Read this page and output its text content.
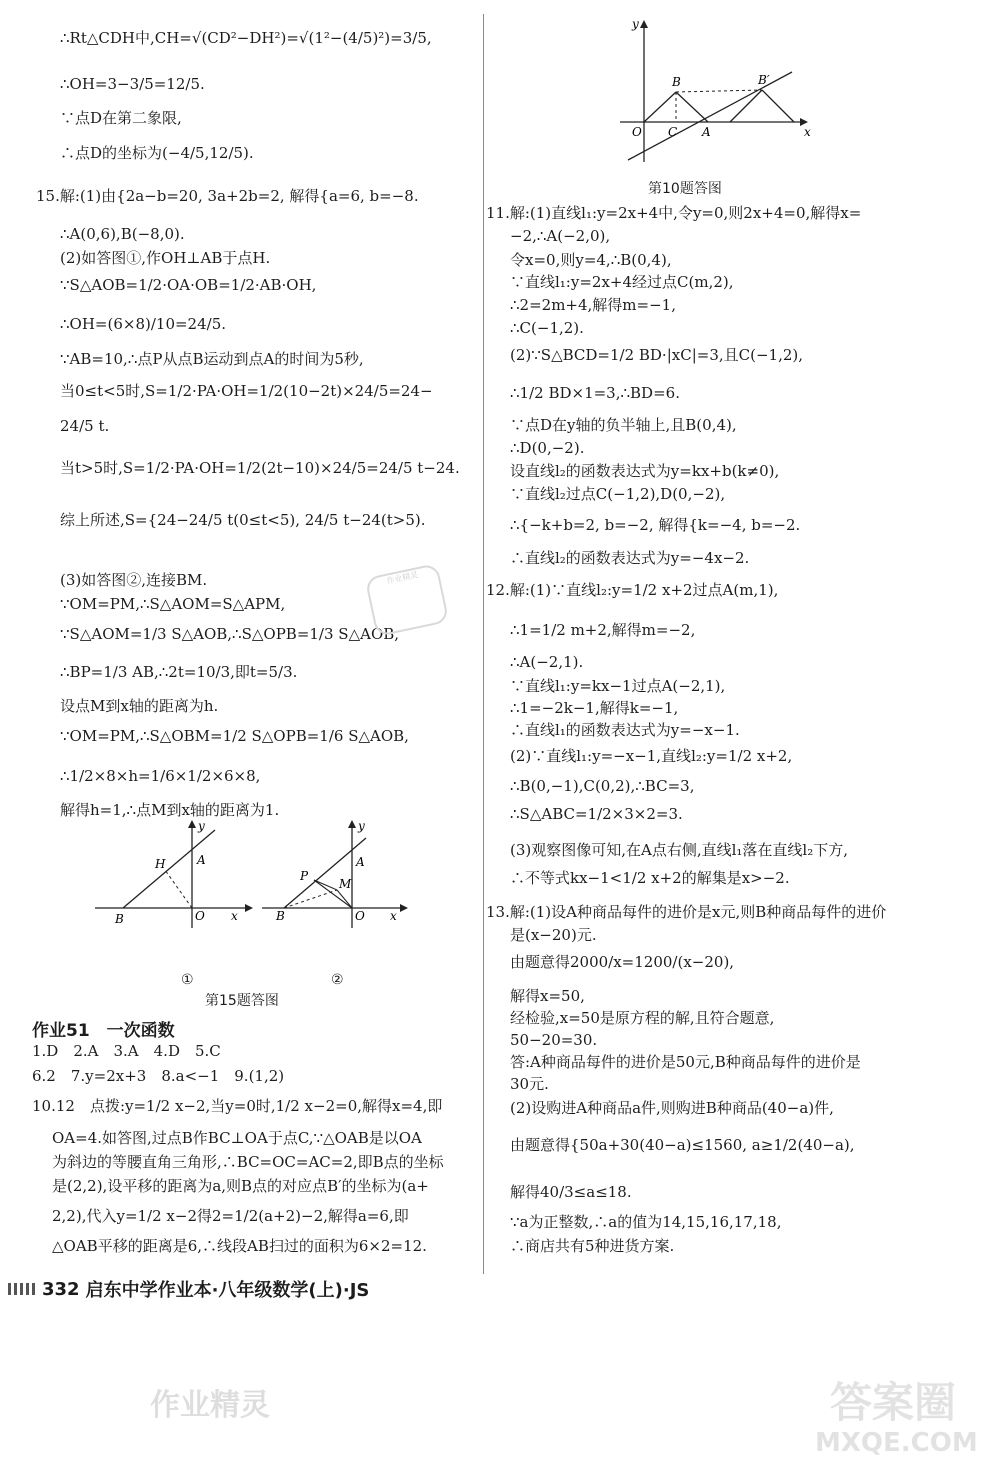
∴Rt△CDH中,CH=√(CD²−DH²)=√(1²−(4/5)²)=3/5,
∴OH=3−3/5=12/5.
∵点D在第二象限,
∴点D的坐标为(−4/5,12/5).
15.解:(1)由{2a−b=20, 3a+2b=2, 解得{a=6, b=−8.
∴A(0,6),B(−8,0).
(2)如答图①,作OH⊥AB于点H.
∵S△AOB=1/2·OA·OB=1/2·AB·OH,
∴OH=(6×8)/10=24/5.
∵AB=10,∴点P从点B运动到点A的时间为5秒,
当0≤t<5时,S=1/2·PA·OH=1/2(10−2t)×24/5=24−
24/5 t.
当t>5时,S=1/2·PA·OH=1/2(2t−10)×24/5=24/5 t−24.
综上所述,S={24−24/5 t(0≤t<5), 24/5 t−24(t>5).
(3)如答图②,连接BM.
∵OM=PM,∴S△AOM=S△APM,
∵S△AOM=1/3 S△AOB,∴S△OPB=1/3 S△AOB,
∴BP=1/3 AB,∴2t=10/3,即t=5/3.
设点M到x轴的距离为h.
∵OM=PM,∴S△OBM=1/2 S△OPB=1/6 S△AOB,
∴1/2×8×h=1/6×1/2×6×8,
解得h=1,∴点M到x轴的距离为1.
x
y
H	A
B	O	x
y
P
A
M
B	O
①	②
第15题答图
作业51　一次函数
1.D　2.A　3.A　4.D　5.C
6.2　7.y=2x+3　8.a<−1　9.(1,2)
10.12　点拨:y=1/2 x−2,当y=0时,1/2 x−2=0,解得x=4,即
OA=4.如答图,过点B作BC⊥OA于点C,∵△OAB是以OA
为斜边的等腰直角三角形,∴BC=OC=AC=2,即B点的坐标
是(2,2),设平移的距离为a,则B点的对应点B′的坐标为(a+
2,2),代入y=1/2 x−2得2=1/2(a+2)−2,解得a=6,即
△OAB平移的距离是6,∴线段AB扫过的面积为6×2=12.
作业精灵
x
y
B	B′
O C A
第10题答图
11.解:(1)直线l₁:y=2x+4中,令y=0,则2x+4=0,解得x=
−2,∴A(−2,0),
令x=0,则y=4,∴B(0,4),
∵直线l₁:y=2x+4经过点C(m,2),
∴2=2m+4,解得m=−1,
∴C(−1,2).
(2)∵S△BCD=1/2 BD·|xC|=3,且C(−1,2),
∴1/2 BD×1=3,∴BD=6.
∵点D在y轴的负半轴上,且B(0,4),
∴D(0,−2).
设直线l₂的函数表达式为y=kx+b(k≠0),
∵直线l₂过点C(−1,2),D(0,−2),
∴{−k+b=2, b=−2, 解得{k=−4, b=−2.
∴直线l₂的函数表达式为y=−4x−2.
12.解:(1)∵直线l₂:y=1/2 x+2过点A(m,1),
∴1=1/2 m+2,解得m=−2,
∴A(−2,1).
∵直线l₁:y=kx−1过点A(−2,1),
∴1=−2k−1,解得k=−1,
∴直线l₁的函数表达式为y=−x−1.
(2)∵直线l₁:y=−x−1,直线l₂:y=1/2 x+2,
∴B(0,−1),C(0,2),∴BC=3,
∴S△ABC=1/2×3×2=3.
(3)观察图像可知,在A点右侧,直线l₁落在直线l₂下方,
∴不等式kx−1<1/2 x+2的解集是x>−2.
13.解:(1)设A种商品每件的进价是x元,则B种商品每件的进价
是(x−20)元.
由题意得2000/x=1200/(x−20),
解得x=50,
经检验,x=50是原方程的解,且符合题意,
50−20=30.
答:A种商品每件的进价是50元,B种商品每件的进价是
30元.
(2)设购进A种商品a件,则购进B种商品(40−a)件,
由题意得{50a+30(40−a)≤1560, a≥1/2(40−a),
解得40/3≤a≤18.
∵a为正整数,∴a的值为14,15,16,17,18,
∴商店共有5种进货方案.
332 启东中学作业本·八年级数学(上)·JS
作业精灵	答案圈
MXQE.COM
